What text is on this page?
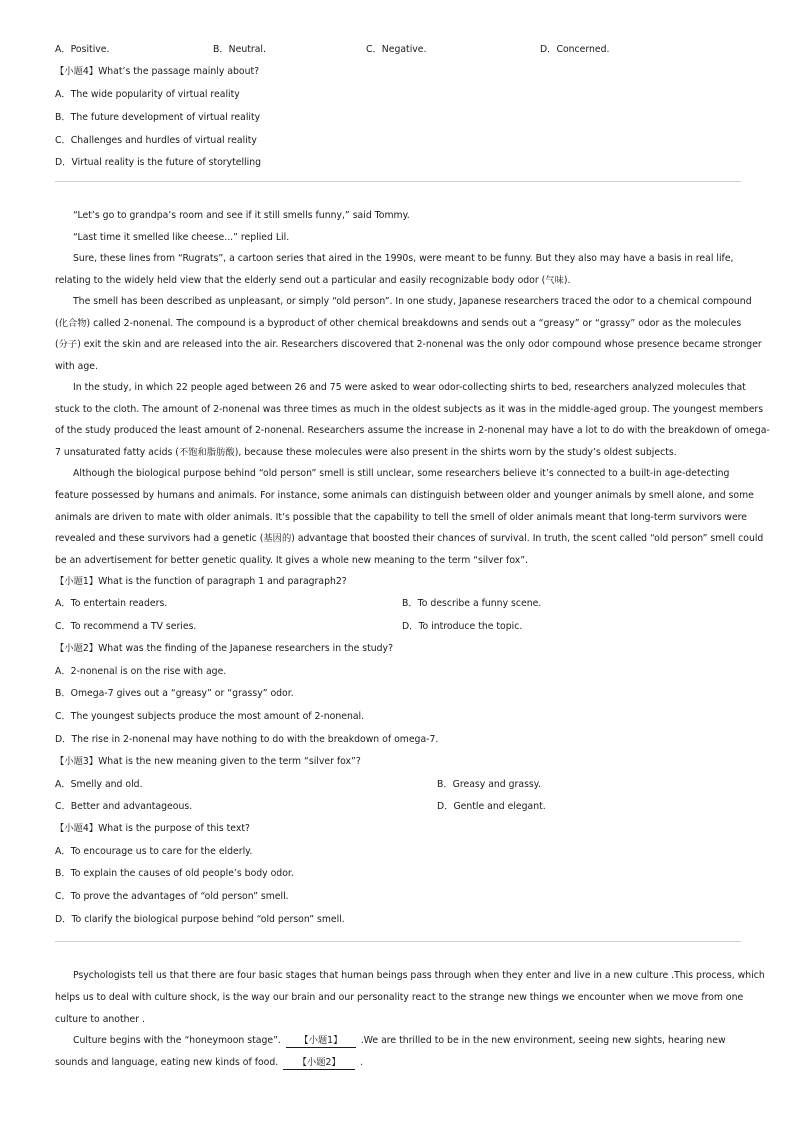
A．Positive.	B．Neutral.	C．Negative.	D．Concerned.
【小题4】What’s the passage mainly about?
A．The wide popularity of virtual reality
B．The future development of virtual reality
C．Challenges and hurdles of virtual reality
D．Virtual reality is the future of storytelling
“Let’s go to grandpa’s room and see if it still smells funny,” said Tommy.
“Last time it smelled like cheese...” replied Lil.
Sure, these lines from “Rugrats”, a cartoon series that aired in the 1990s, were meant to be funny. But they also may have a basis in real life,
relating to the widely held view that the elderly send out a particular and easily recognizable body odor (气味).
The smell has been described as unpleasant, or simply “old person”. In one study, Japanese researchers traced the odor to a chemical compound
(化合物) called 2-nonenal. The compound is a byproduct of other chemical breakdowns and sends out a “greasy” or “grassy” odor as the molecules
(分子) exit the skin and are released into the air. Researchers discovered that 2-nonenal was the only odor compound whose presence became stronger
with age.
In the study, in which 22 people aged between 26 and 75 were asked to wear odor-collecting shirts to bed, researchers analyzed molecules that
stuck to the cloth. The amount of 2-nonenal was three times as much in the oldest subjects as it was in the middle-aged group. The youngest members
of the study produced the least amount of 2-nonenal. Researchers assume the increase in 2-nonenal may have a lot to do with the breakdown of omega-
7 unsaturated fatty acids (不饱和脂肪酸), because these molecules were also present in the shirts worn by the study’s oldest subjects.
Although the biological purpose behind “old person” smell is still unclear, some researchers believe it’s connected to a built-in age-detecting
feature possessed by humans and animals. For instance, some animals can distinguish between older and younger animals by smell alone, and some
animals are driven to mate with older animals. It’s possible that the capability to tell the smell of older animals meant that long-term survivors were
revealed and these survivors had a genetic (基因的) advantage that boosted their chances of survival. In truth, the scent called “old person” smell could
be an advertisement for better genetic quality. It gives a whole new meaning to the term “silver fox”.
【小题1】What is the function of paragraph 1 and paragraph2?
A．To entertain readers.	B．To describe a funny scene.
C．To recommend a TV series.	D．To introduce the topic.
【小题2】What was the finding of the Japanese researchers in the study?
A．2-nonenal is on the rise with age.
B．Omega-7 gives out a “greasy” or “grassy” odor.
C．The youngest subjects produce the most amount of 2-nonenal.
D．The rise in 2-nonenal may have nothing to do with the breakdown of omega-7.
【小题3】What is the new meaning given to the term “silver fox”?
A．Smelly and old.	B．Greasy and grassy.
C．Better and advantageous.	D．Gentle and elegant.
【小题4】What is the purpose of this text?
A．To encourage us to care for the elderly.
B．To explain the causes of old people’s body odor.
C．To prove the advantages of “old person” smell.
D．To clarify the biological purpose behind “old person” smell.
Psychologists tell us that there are four basic stages that human beings pass through when they enter and live in a new culture .This process, which
helps us to deal with culture shock, is the way our brain and our personality react to the strange new things we encounter when we move from one
culture to another .
Culture begins with the “honeymoon stage”. 【小题1】 .We are thrilled to be in the new environment, seeing new sights, hearing new
sounds and language, eating new kinds of food. 【小题2】 .
